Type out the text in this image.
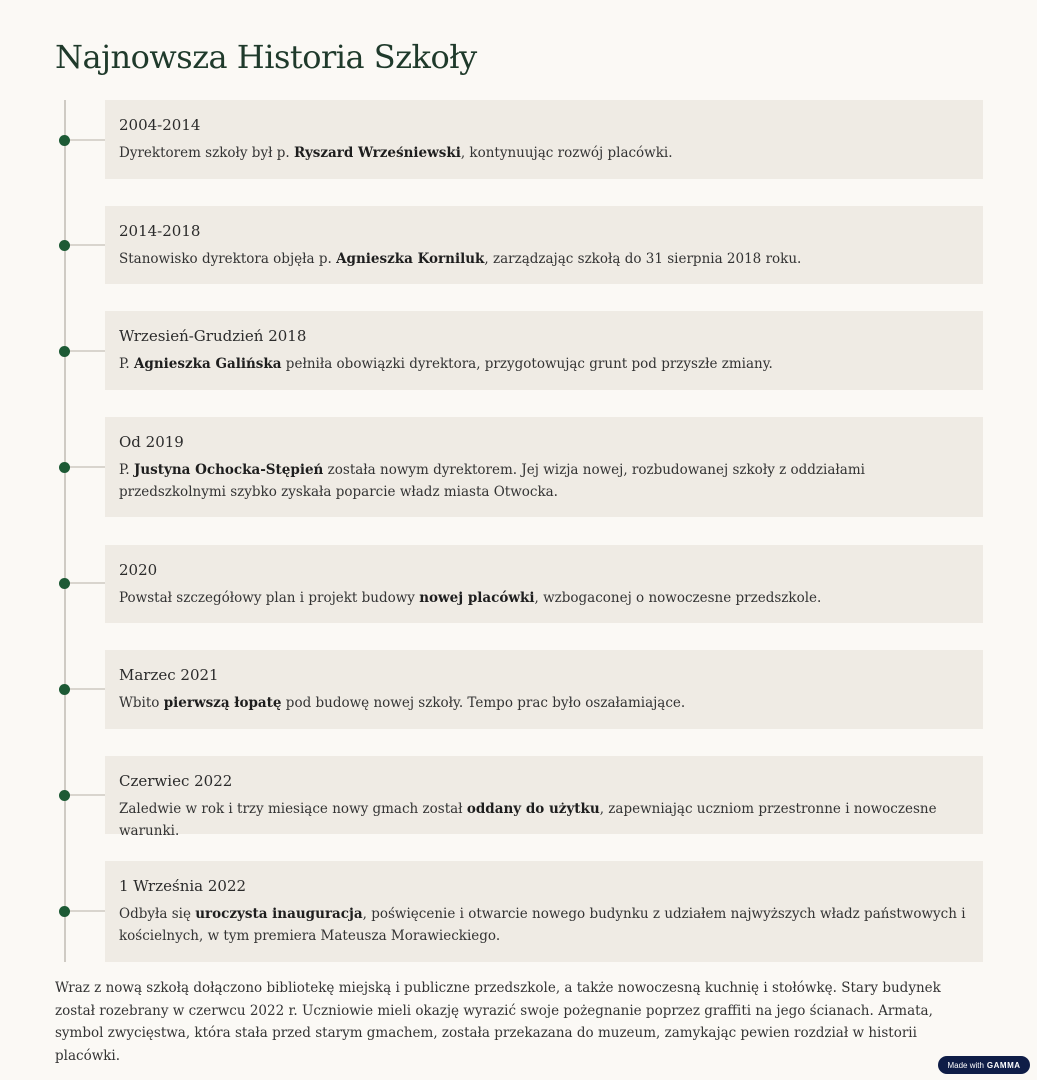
Najnowsza Historia Szkoły

2004-2014

Dyrektorem szkoły był p. Ryszard Wrześniewski, kontynuując rozwój placówki.

2014-2018

Stanowisko dyrektora objęła p. Agnieszka Korniluk, zarządzając szkołą do 31 sierpnia 2018 roku.

Wrzesień-Grudzień 2018

P. Agnieszka Galińska pełniła obowiązki dyrektora, przygotowując grunt pod przyszłe zmiany.

Od 2019

P. Justyna Ochocka-Stępień została nowym dyrektorem. Jej wizja nowej, rozbudowanej szkoły z oddziałami przedszkolnymi szybko zyskała poparcie władz miasta Otwocka.

2020

Powstał szczegółowy plan i projekt budowy nowej placówki, wzbogaconej o nowoczesne przedszkole.

Marzec 2021

Wbito pierwszą łopatę pod budowę nowej szkoły. Tempo prac było oszałamiające.

Czerwiec 2022

Zaledwie w rok i trzy miesiące nowy gmach został oddany do użytku, zapewniając uczniom przestronne i nowoczesne warunki.

1 Września 2022

Odbyła się uroczysta inauguracja, poświęcenie i otwarcie nowego budynku z udziałem najwyższych władz państwowych i kościelnych, w tym premiera Mateusza Morawieckiego.

Wraz z nową szkołą dołączono bibliotekę miejską i publiczne przedszkole, a także nowoczesną kuchnię i stołówkę. Stary budynek został rozebrany w czerwcu 2022 r. Uczniowie mieli okazję wyrazić swoje pożegnanie poprzez graffiti na jego ścianach. Armata, symbol zwycięstwa, która stała przed starym gmachem, została przekazana do muzeum, zamykając pewien rozdział w historii placówki.

Made with GAMMA
